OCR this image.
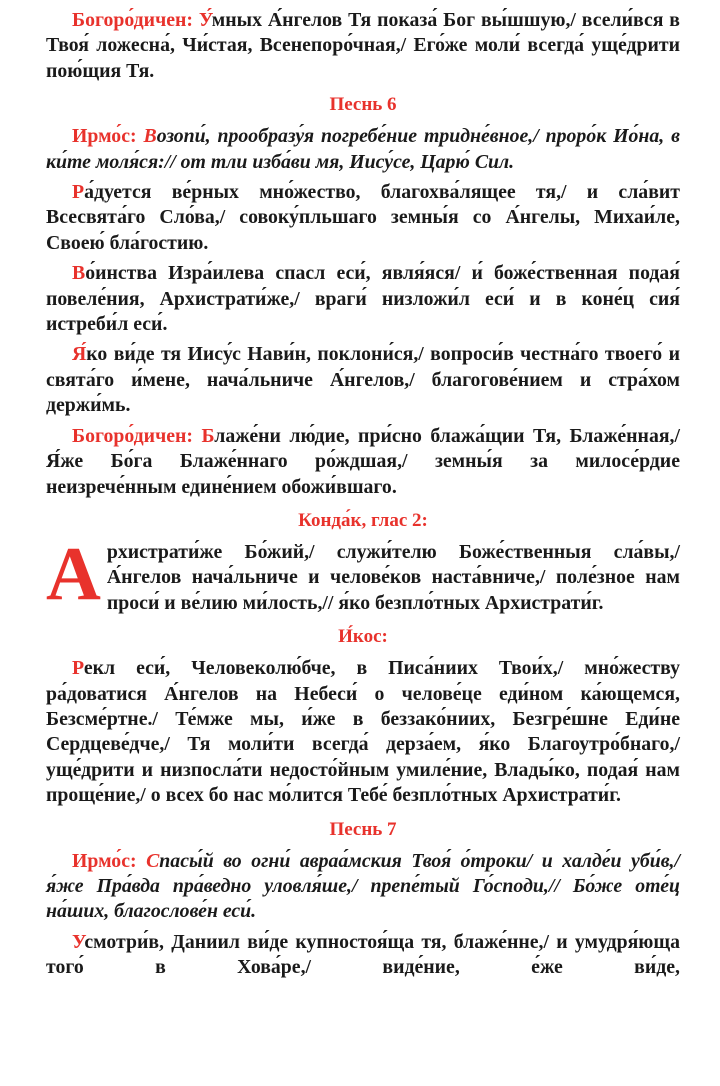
Богоро́дичен: У́мных А́нгелов Тя показа́ Бог вы́шшую,/ всели́вся в Твоя́ ложесна́, Чи́стая, Всенепоро́чная,/ Его́же моли́ всегда́ уще́дрити пою́щия Тя.

Песнь 6

Ирмо́с: Возопи́, прообразу́я погребе́ние тридне́вное,/ проро́к Ио́на, в ки́те моля́ся:// от тли изба́ви мя, Иису́се, Царю́ Сил.

Ра́дуется ве́рных мно́жество, благохва́лящее тя,/ и сла́вит Всесвята́го Сло́ва,/ совоку́пльшаго земны́я со А́нгелы, Михаи́ле, Своею́ бла́гостию.

Во́инства Изра́илева спасл еси́, явля́яся/ и́ боже́ственная подая́ повеле́ния, Архистрати́же,/ враги́ низложи́л еси́ и в коне́ц сия́ истреби́л еси́.

Я́ко ви́де тя Иису́с Нави́н, поклони́ся,/ вопроси́в честна́го твоего́ и свята́го и́мене, нача́льниче А́нгелов,/ благогове́нием и стра́хом держи́мь.

Богоро́дичен: Блаже́ни лю́дие, при́сно блажа́щии Тя, Блаже́нная,/ Я́же Бо́га Блаже́ннаго ро́ждшая,/ земны́я за милосе́рдие неизрече́нным едине́нием обожи́вшаго.

Конда́к, глас 2:

Архистрати́же Бо́жий,/ служи́телю Боже́ственныя сла́вы,/ А́нгелов нача́льниче и челове́ков наста́вниче,/ поле́зное нам проси́ и ве́лию ми́лость,// я́ко безпло́тных Архистрати́г.

И́кос:

Рекл еси́, Человеколю́бче, в Писа́ниих Твои́х,/ мно́жеству ра́доватися А́нгелов на Небеси́ о челове́це еди́ном ка́ющемся, Безсме́ртне./ Те́мже мы, и́же в беззако́ниих, Безгре́шне Еди́не Сердцеве́дче,/ Тя моли́ти всегда́ дерза́ем, я́ко Благоутро́бнаго,/ уще́дрити и низпосла́ти недосто́йным умиле́ние, Влады́ко, подая́ нам проще́ние,/ о всех бо нас мо́лится Тебе́ безпло́тных Архистрати́г.

Песнь 7

Ирмо́с: Спасы́й во огни́ авраа́мския Твоя́ о́троки/ и халде́и уби́в,/ я́же Пра́вда пра́ведно уловля́ше,/ препе́тый Го́споди,// Бо́же оте́ц на́ших, благослове́н еси́.

Усмотри́в, Даниил ви́де купностоя́ща тя, блаже́нне,/ и умудря́юща того́ в Хова́ре,/ виде́ние, е́же ви́де,
